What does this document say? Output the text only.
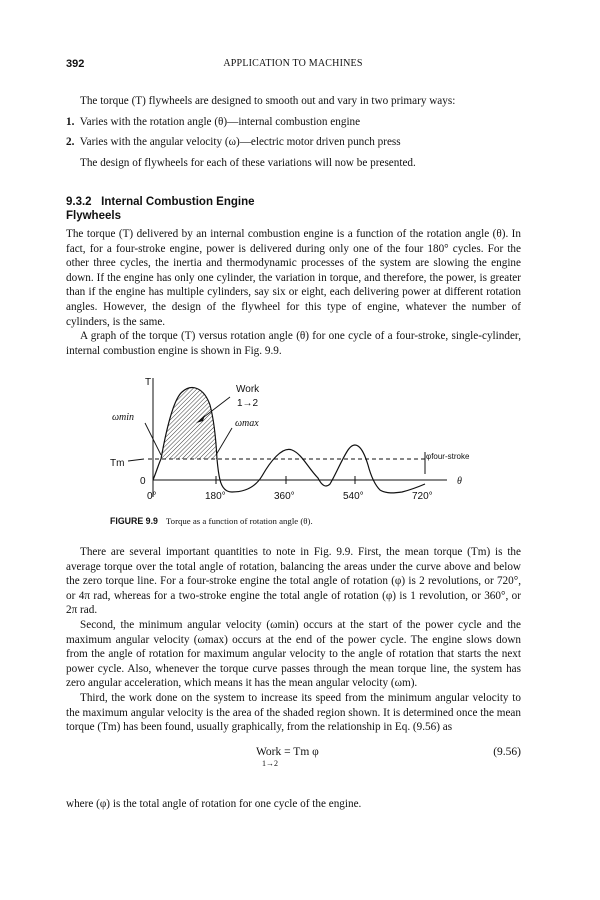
392	APPLICATION TO MACHINES

The torque (T) flywheels are designed to smooth out and vary in two primary ways:

1. Varies with the rotation angle (θ)—internal combustion engine

2. Varies with the angular velocity (ω)—electric motor driven punch press

The design of flywheels for each of these variations will now be presented.

9.3.2 Internal Combustion Engine

Flywheels

The torque (T) delivered by an internal combustion engine is a function of the rotation angle (θ). In fact, for a four-stroke engine, power is delivered during only one of the four 180° cycles. For the other three cycles, the inertia and thermodynamic processes of the system are slowing the engine down. If the engine has only one cylinder, the variation in torque, and therefore, the power, is greater than if the engine has multiple cylinders, say six or eight, each delivering power at different rotation angles. However, the design of the flywheel for this type of engine, whatever the number of cylinders, is the same.

A graph of the torque (T) versus rotation angle (θ) for one cycle of a four-stroke, single-cylinder, internal combustion engine is shown in Fig. 9.9.

T
θ
0
Tm
Work
1→2
ωmin
ωmax
φfour-stroke
0°	180°	360°	540°	720°
FIGURE 9.9 Torque as a function of rotation angle (θ).

There are several important quantities to note in Fig. 9.9. First, the mean torque (Tm) is the average torque over the total angle of rotation, balancing the areas under the curve above and below the zero torque line. For a four-stroke engine the total angle of rotation (φ) is 2 revolutions, or 720°, or 4π rad, whereas for a two-stroke engine the total angle of rotation (φ) is 1 revolution, or 360°, or 2π rad.

Second, the minimum angular velocity (ωmin) occurs at the start of the power cycle and the maximum angular velocity (ωmax) occurs at the end of the power cycle. The engine slows down from the angle of rotation for maximum angular velocity to the angle of rotation that starts the next power cycle. Also, whenever the torque curve passes through the mean torque line, the system has zero angular acceleration, which means it has the mean angular velocity (ωm).

Third, the work done on the system to increase its speed from the minimum angular velocity to the maximum angular velocity is the area of the shaded region shown. It is determined once the mean torque (Tm) has been found, usually graphically, from the relationship in Eq. (9.56) as

Work = Tm φ
1→2
(9.56)

where (φ) is the total angle of rotation for one cycle of the engine.
